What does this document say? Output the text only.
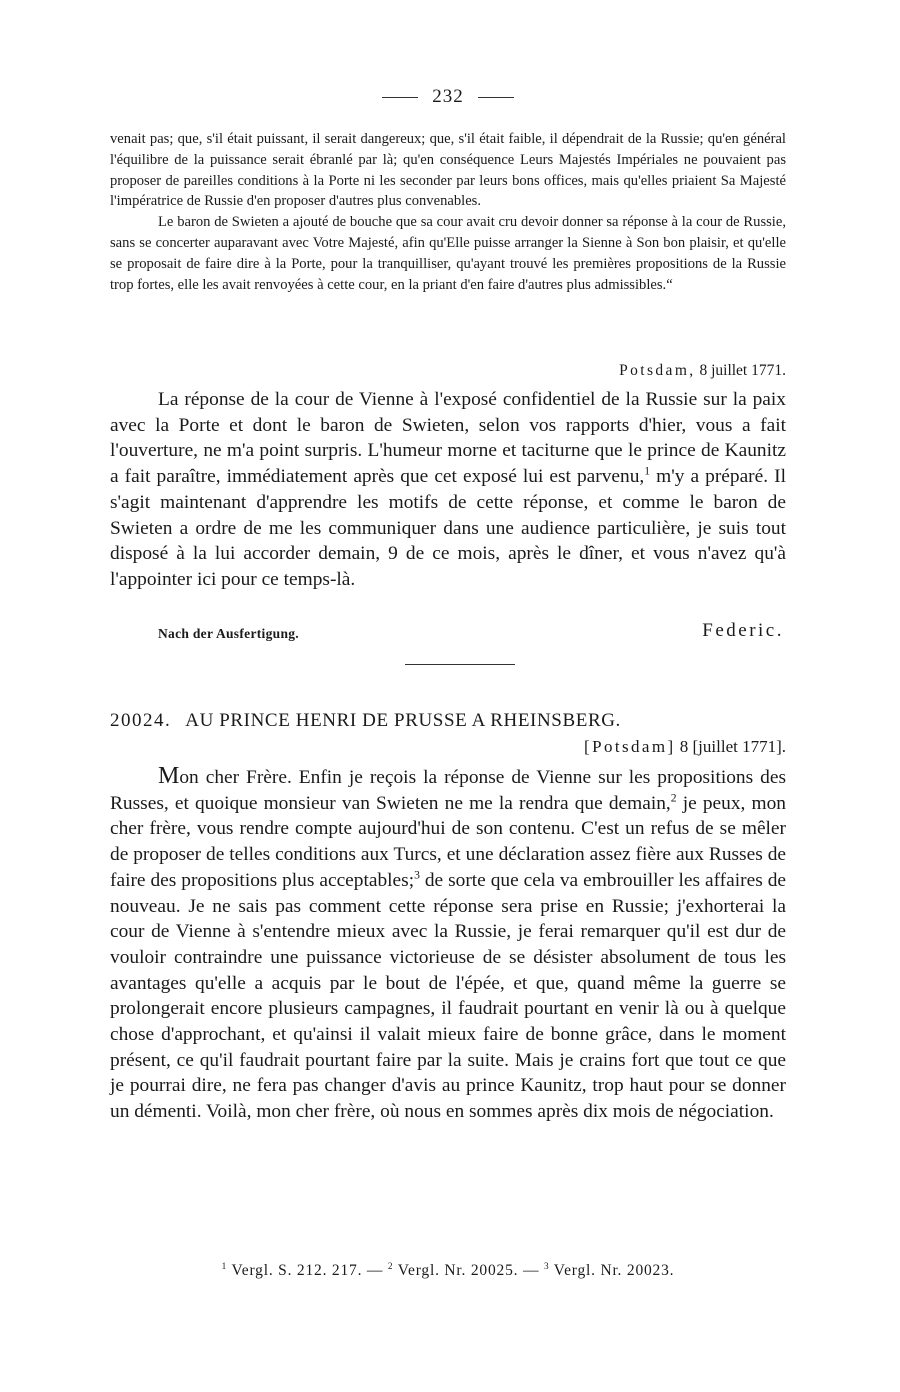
232

venait pas; que, s'il était puissant, il serait dangereux; que, s'il était faible, il dépendrait de la Russie; qu'en général l'équilibre de la puissance serait ébranlé par là; qu'en conséquence Leurs Majestés Impériales ne pouvaient pas proposer de pareilles conditions à la Porte ni les seconder par leurs bons offices, mais qu'elles priaient Sa Majesté l'impératrice de Russie d'en proposer d'autres plus convenables.

Le baron de Swieten a ajouté de bouche que sa cour avait cru devoir donner sa réponse à la cour de Russie, sans se concerter auparavant avec Votre Majesté, afin qu'Elle puisse arranger la Sienne à Son bon plaisir, et qu'elle se proposait de faire dire à la Porte, pour la tranquilliser, qu'ayant trouvé les premières propositions de la Russie trop fortes, elle les avait renvoyées à cette cour, en la priant d'en faire d'autres plus admissibles.“

Potsdam, 8 juillet 1771.

La réponse de la cour de Vienne à l'exposé confidentiel de la Russie sur la paix avec la Porte et dont le baron de Swieten, selon vos rapports d'hier, vous a fait l'ouverture, ne m'a point surpris. L'humeur morne et taciturne que le prince de Kaunitz a fait paraître, immédiatement après que cet exposé lui est parvenu,$^1$ m'y a préparé. Il s'agit maintenant d'apprendre les motifs de cette réponse, et comme le baron de Swieten a ordre de me les communiquer dans une audience particulière, je suis tout disposé à la lui accorder demain, 9 de ce mois, après le dîner, et vous n'avez qu'à l'appointer ici pour ce temps-là.

Nach der Ausfertigung.	Federic.
20024. AU PRINCE HENRI DE PRUSSE A RHEINSBERG.
[Potsdam] 8 [juillet 1771].

Mon cher Frère. Enfin je reçois la réponse de Vienne sur les propositions des Russes, et quoique monsieur van Swieten ne me la rendra que demain,$^2$ je peux, mon cher frère, vous rendre compte aujourd'hui de son contenu. C'est un refus de se mêler de proposer de telles conditions aux Turcs, et une déclaration assez fière aux Russes de faire des propositions plus acceptables;$^3$ de sorte que cela va embrouiller les affaires de nouveau. Je ne sais pas comment cette réponse sera prise en Russie; j'exhorterai la cour de Vienne à s'entendre mieux avec la Russie, je ferai remarquer qu'il est dur de vouloir contraindre une puissance victorieuse de se désister absolument de tous les avantages qu'elle a acquis par le bout de l'épée, et que, quand même la guerre se prolongerait encore plusieurs campagnes, il faudrait pourtant en venir là ou à quelque chose d'approchant, et qu'ainsi il valait mieux faire de bonne grâce, dans le moment présent, ce qu'il faudrait pourtant faire par la suite. Mais je crains fort que tout ce que je pourrai dire, ne fera pas changer d'avis au prince Kaunitz, trop haut pour se donner un démenti. Voilà, mon cher frère, où nous en sommes après dix mois de négociation.

$^1$ Vergl. S. 212. 217. — $^2$ Vergl. Nr. 20025. — $^3$ Vergl. Nr. 20023.
